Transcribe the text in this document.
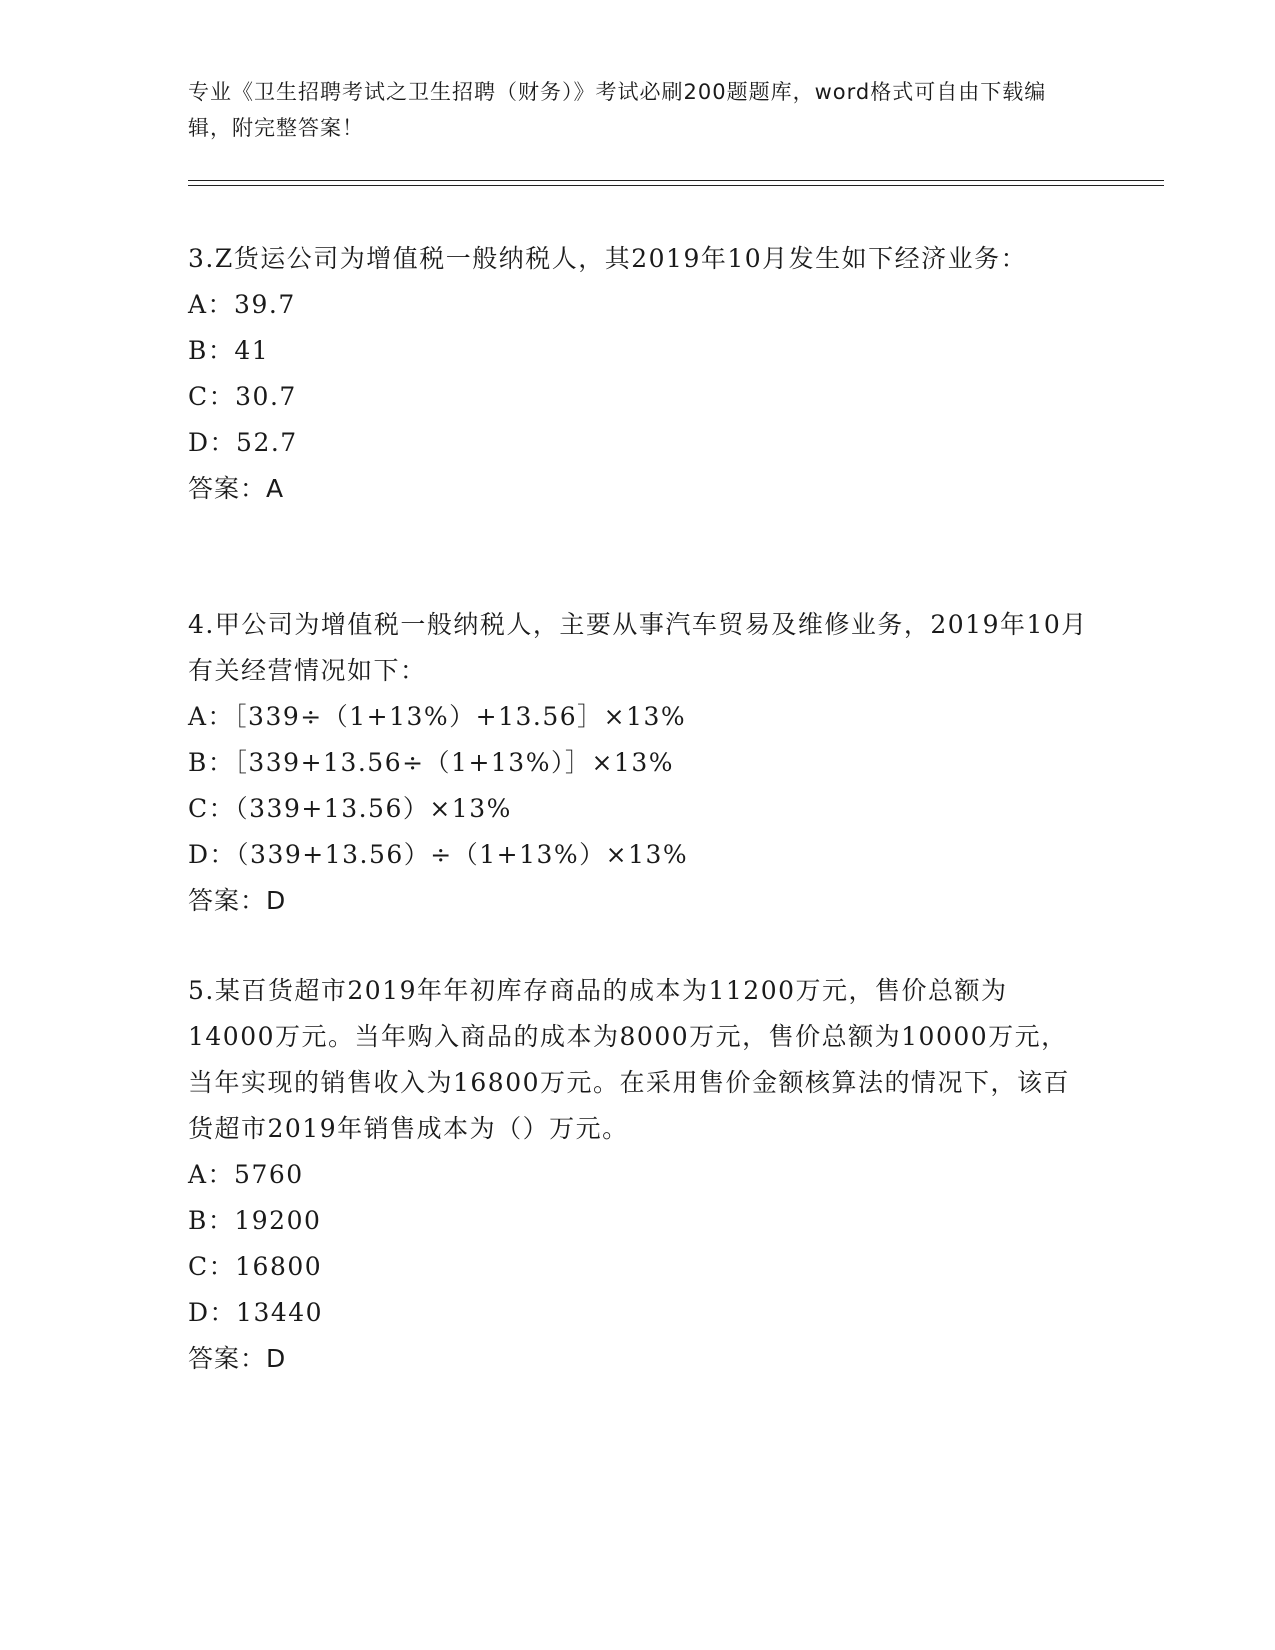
专业《卫生招聘考试之卫生招聘（财务）》考试必刷200题题库，word格式可自由下载编辑，附完整答案！
3.Z货运公司为增值税一般纳税人，其2019年10月发生如下经济业务：
A：39.7
B：41
C：30.7
D：52.7
答案：A
4.甲公司为增值税一般纳税人，主要从事汽车贸易及维修业务，2019年10月有关经营情况如下：
A：［339÷（1+13%）+13.56］×13%
B：［339+13.56÷（1+13%）］×13%
C：（339+13.56）×13%
D：（339+13.56）÷（1+13%）×13%
答案：D
5.某百货超市2019年年初库存商品的成本为11200万元，售价总额为14000万元。当年购入商品的成本为8000万元，售价总额为10000万元，当年实现的销售收入为16800万元。在采用售价金额核算法的情况下，该百货超市2019年销售成本为（）万元。
A：5760
B：19200
C：16800
D：13440
答案：D
